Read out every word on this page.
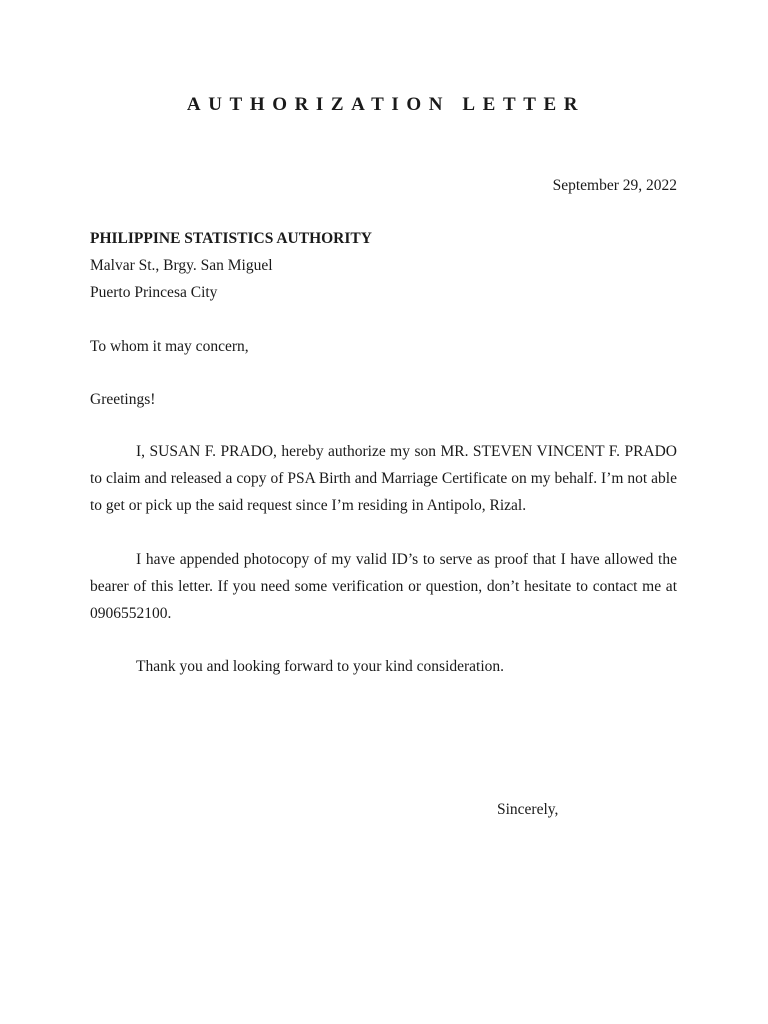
AUTHORIZATION LETTER
September 29, 2022
PHILIPPINE STATISTICS AUTHORITY
Malvar St., Brgy. San Miguel
Puerto Princesa City
To whom it may concern,
Greetings!

I, SUSAN F. PRADO, hereby authorize my son MR. STEVEN VINCENT F. PRADO to claim and released a copy of PSA Birth and Marriage Certificate on my behalf. I’m not able to get or pick up the said request since I’m residing in Antipolo, Rizal.

I have appended photocopy of my valid ID’s to serve as proof that I have allowed the bearer of this letter. If you need some verification or question, don’t hesitate to contact me at 0906552100.

Thank you and looking forward to your kind consideration.

Sincerely,
